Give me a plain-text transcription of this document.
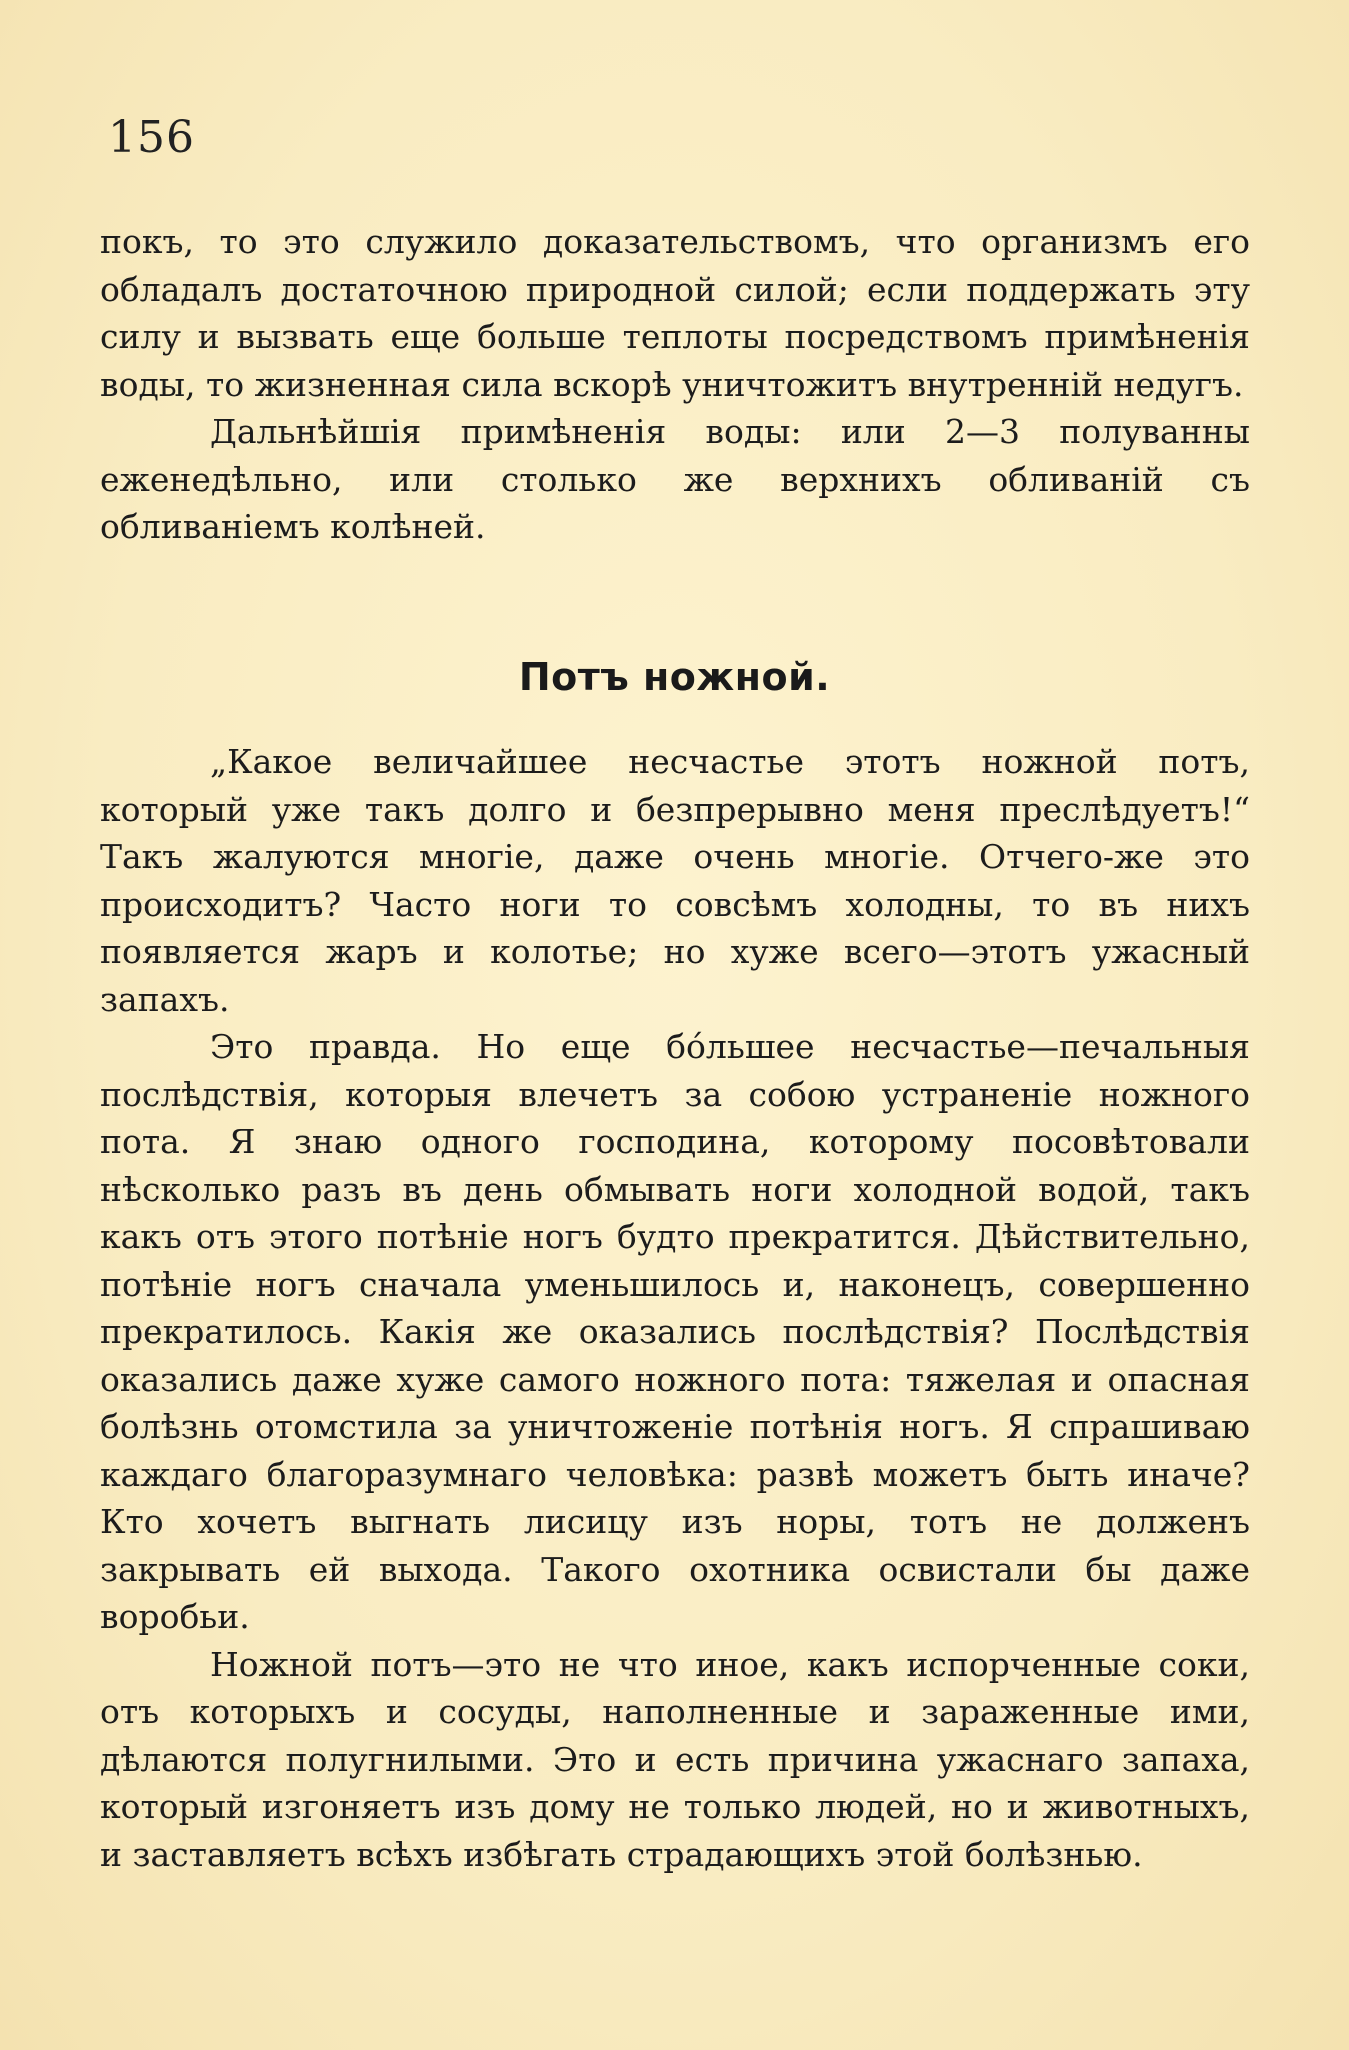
156

покъ, то это служило доказательствомъ, что организмъ его обладалъ достаточною природной силой; если поддержать эту силу и вызвать еще больше теплоты посредствомъ примѣненія воды, то жизненная сила вскорѣ уничтожитъ внутренній недугъ.

Дальнѣйшія примѣненія воды: или 2—3 полуванны еженедѣльно, или столько же верхнихъ обливаній съ обливаніемъ колѣней.

Потъ ножной.

„Какое величайшее несчастье этотъ ножной потъ, который уже такъ долго и безпрерывно меня преслѣдуетъ!“ Такъ жалуются многіе, даже очень многіе. Отчего-же это происходитъ? Часто ноги то совсѣмъ холодны, то въ нихъ появляется жаръ и колотье; но хуже всего—этотъ ужасный запахъ.

Это правда. Но еще бóльшее несчастье—печальныя послѣдствія, которыя влечетъ за собою устраненіе ножного пота. Я знаю одного господина, которому посовѣтовали нѣсколько разъ въ день обмывать ноги холодной водой, такъ какъ отъ этого потѣніе ногъ будто прекратится. Дѣйствительно, потѣніе ногъ сначала уменьшилось и, наконецъ, совершенно прекратилось. Какія же оказались послѣдствія? Послѣдствія оказались даже хуже самого ножного пота: тяжелая и опасная болѣзнь отомстила за уничтоженіе потѣнія ногъ. Я спрашиваю каждаго благоразумнаго человѣка: развѣ можетъ быть иначе? Кто хочетъ выгнать лисицу изъ норы, тотъ не долженъ закрывать ей выхода. Такого охотника освистали бы даже воробьи.

Ножной потъ—это не что иное, какъ испорченные соки, отъ которыхъ и сосуды, наполненные и зараженные ими, дѣлаются полугнилыми. Это и есть причина ужаснаго запаха, который изгоняетъ изъ дому не только людей, но и животныхъ, и заставляетъ всѣхъ избѣгать страдающихъ этой болѣзнью.
